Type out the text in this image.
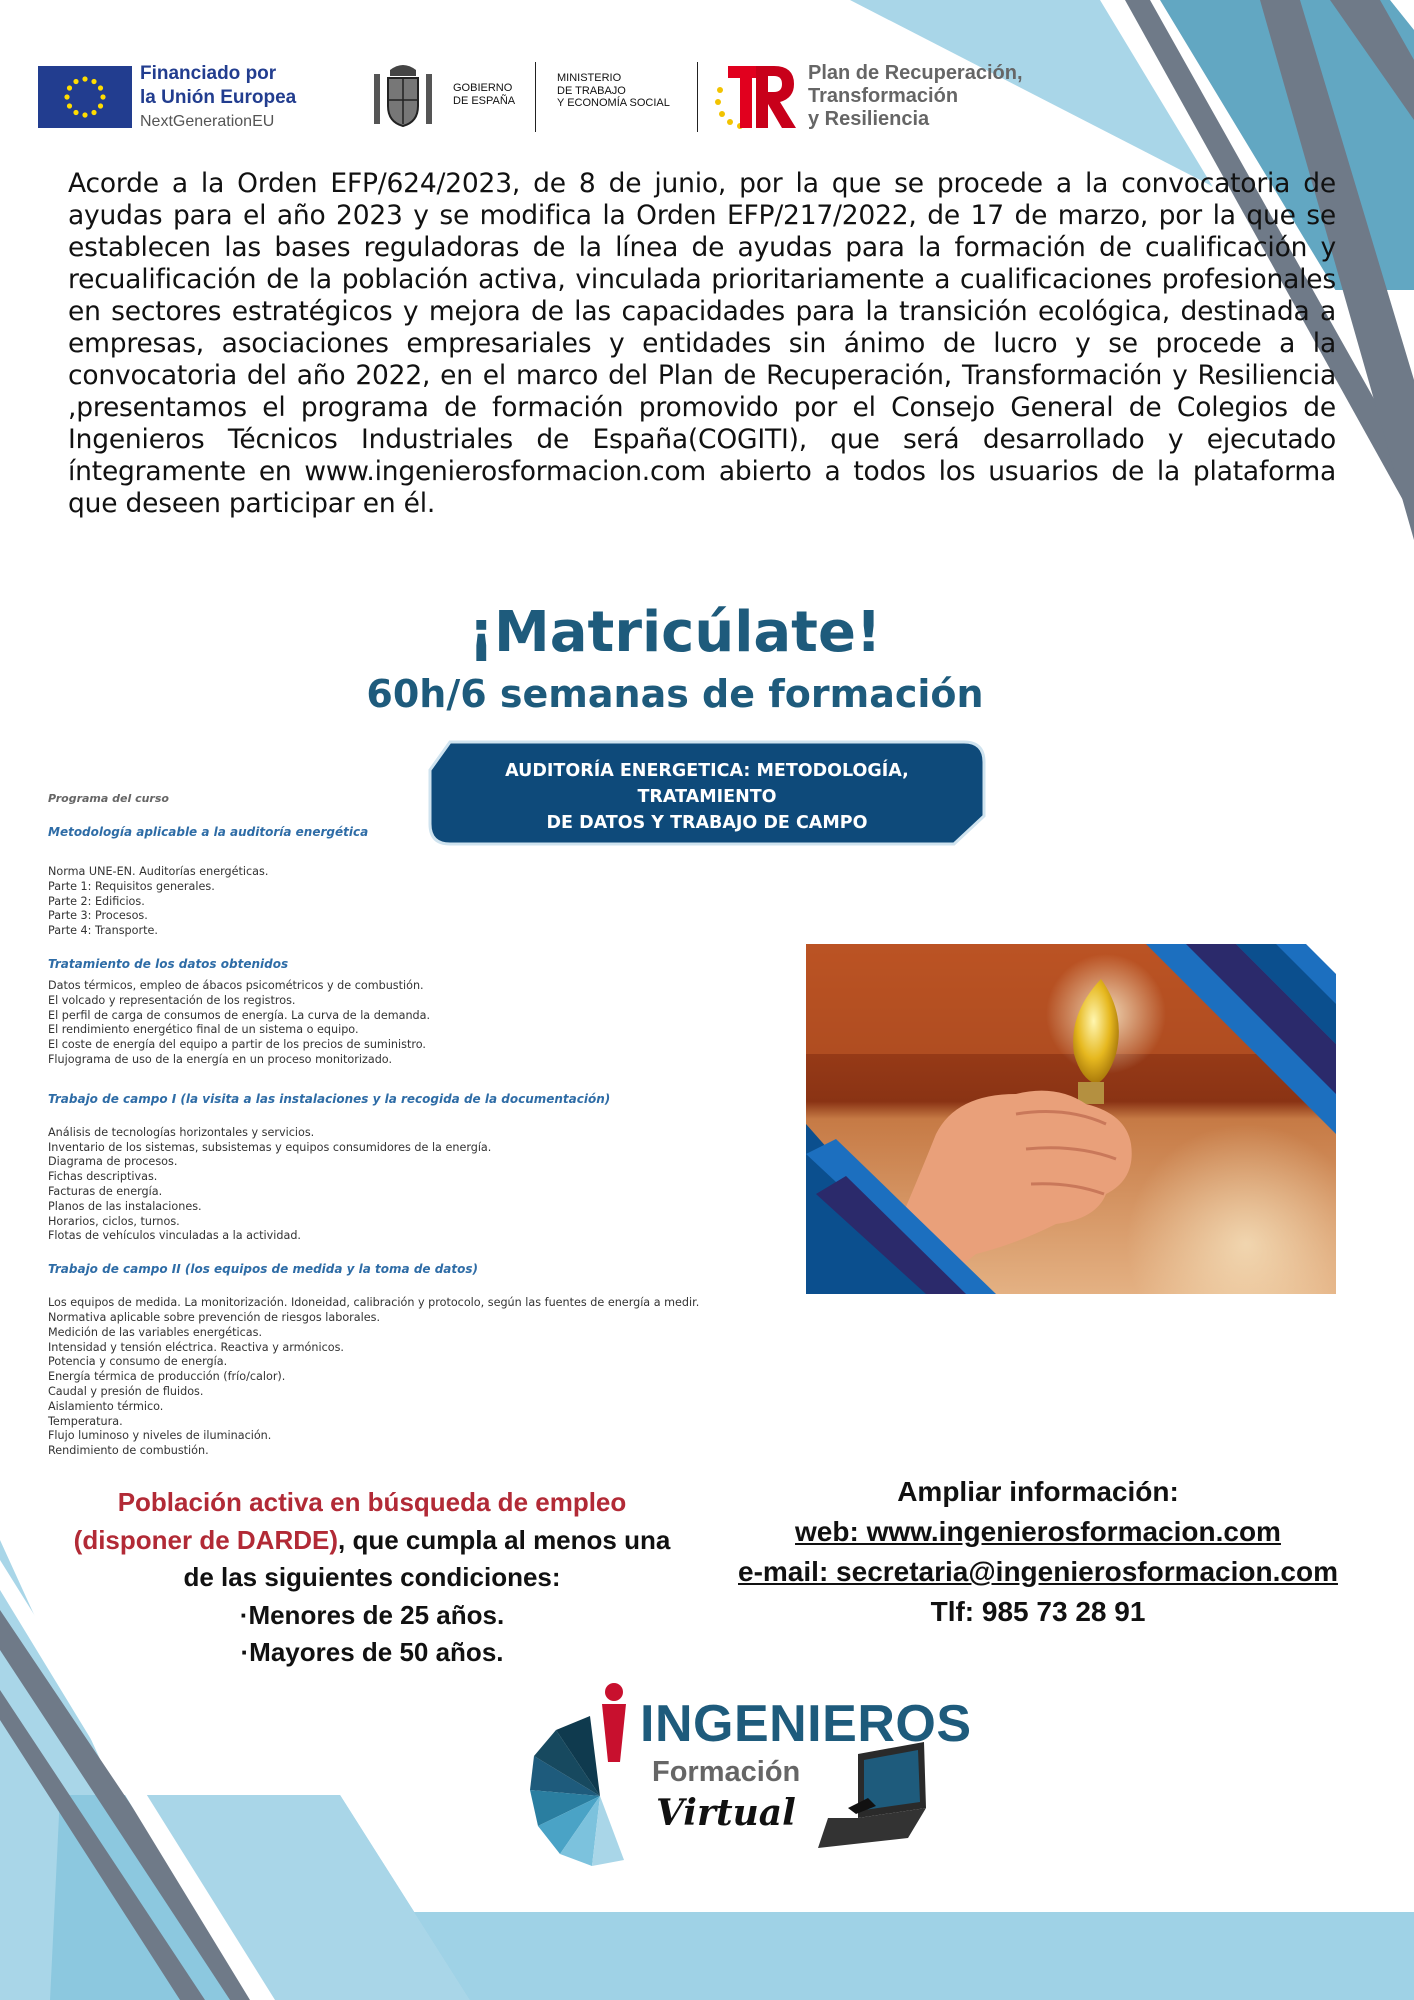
Financiado por
la Unión Europea
NextGenerationEU
GOBIERNO
DE ESPAÑA
MINISTERIO
DE TRABAJO
Y ECONOMÍA SOCIAL
Plan de Recuperación,
Transformación
y Resiliencia
Acorde a la Orden EFP/624/2023, de 8 de junio, por la que se procede a la convocatoria de ayudas para el año 2023 y se modifica la Orden EFP/217/2022, de 17 de marzo, por la que se establecen las bases reguladoras de la línea de ayudas para la formación de cualificación y recualificación de la población activa, vinculada prioritariamente a cualificaciones profesionales en sectores estratégicos y mejora de las capacidades para la transición ecológica, destinada a empresas, asociaciones empresariales y entidades sin ánimo de lucro y se procede a la convocatoria del año 2022, en el marco del Plan de Recuperación, Transformación y Resiliencia ,presentamos el programa de formación promovido por el Consejo General de Colegios de Ingenieros Técnicos Industriales de España(COGITI), que será desarrollado y ejecutado íntegramente en www.ingenierosformacion.com abierto a todos los usuarios de la plataforma que deseen participar en él.
¡Matricúlate!
60h/6 semanas de formación
AUDITORÍA ENERGETICA: METODOLOGÍA,
TRATAMIENTO
DE DATOS Y TRABAJO DE CAMPO
Programa del curso
Metodología aplicable a la auditoría energética
Norma UNE-EN. Auditorías energéticas.
Parte 1: Requisitos generales.
Parte 2: Edificios.
Parte 3: Procesos.
Parte 4: Transporte.
Tratamiento de los datos obtenidos
Datos térmicos, empleo de ábacos psicométricos y de combustión.
El volcado y representación de los registros.
El perfil de carga de consumos de energía. La curva de la demanda.
El rendimiento energético final de un sistema o equipo.
El coste de energía del equipo a partir de los precios de suministro.
Flujograma de uso de la energía en un proceso monitorizado.
Trabajo de campo I (la visita a las instalaciones y la recogida de la documentación)
Análisis de tecnologías horizontales y servicios.
Inventario de los sistemas, subsistemas y equipos consumidores de la energía.
Diagrama de procesos.
Fichas descriptivas.
Facturas de energía.
Planos de las instalaciones.
Horarios, ciclos, turnos.
Flotas de vehículos vinculadas a la actividad.
Trabajo de campo II (los equipos de medida y la toma de datos)
Los equipos de medida. La monitorización. Idoneidad, calibración y protocolo, según las fuentes de energía a medir.
Normativa aplicable sobre prevención de riesgos laborales.
Medición de las variables energéticas.
Intensidad y tensión eléctrica. Reactiva y armónicos.
Potencia y consumo de energía.
Energía térmica de producción (frío/calor).
Caudal y presión de fluidos.
Aislamiento térmico.
Temperatura.
Flujo luminoso y niveles de iluminación.
Rendimiento de combustión.
Población activa en búsqueda de empleo (disponer de DARDE), que cumpla al menos una de las siguientes condiciones:
·Menores de 25 años.
·Mayores de 50 años.
Ampliar información:
web: www.ingenierosformacion.com
e-mail: secretaria@ingenierosformacion.com
Tlf: 985 73 28 91
INGENIEROS
Formación
Virtual
